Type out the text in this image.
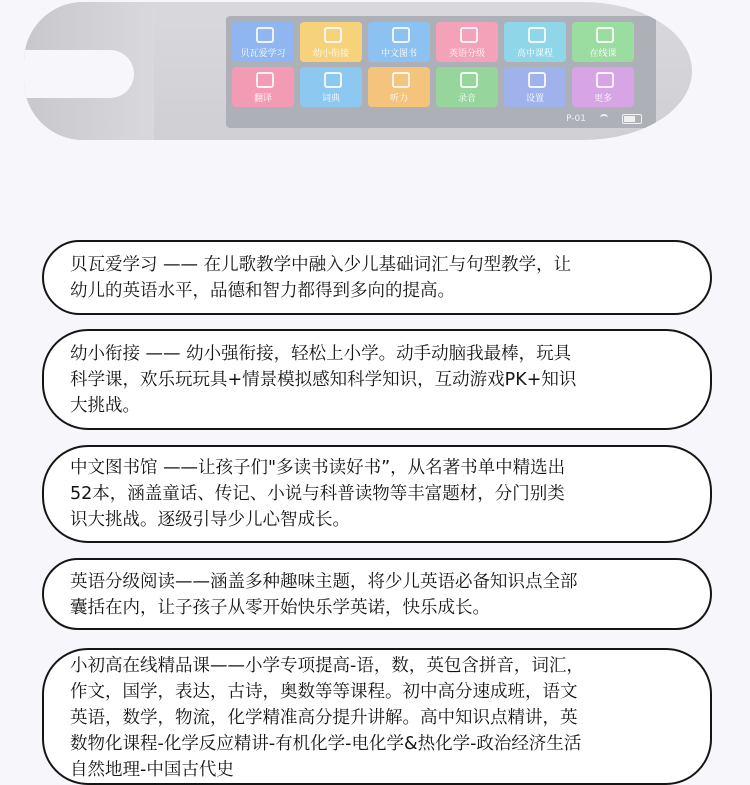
贝瓦爱学习	幼小衔接	中文图书	英语分级	高中课程	在线课
翻译	词典	听力	录音	设置	更多
P-01

贝瓦爱学习 —— 在儿歌教学中融入少儿基础词汇与句型教学，让

幼儿的英语水平，品德和智力都得到多向的提高。

幼小衔接 —— 幼小强衔接，轻松上小学。动手动脑我最棒，玩具

科学课，欢乐玩玩具+情景模拟感知科学知识，互动游戏PK+知识

大挑战。

中文图书馆 ——让孩子们"多读书读好书”，从名著书单中精选出

52本，涵盖童话、传记、小说与科普读物等丰富题材，分门别类

识大挑战。逐级引导少儿心智成长。

英语分级阅读——涵盖多种趣味主题，将少儿英语必备知识点全部

囊括在内，让子孩子从零开始快乐学英诺，快乐成长。

小初高在线精品课——小学专项提高-语，数，英包含拼音，词汇，

作文，国学，表达，古诗，奥数等等课程。初中高分速成班，语文

英语，数学，物流，化学精准高分提升讲解。高中知识点精讲，英

数物化课程-化学反应精讲-有机化学-电化学&热化学-政治经济生活

自然地理-中国古代史
